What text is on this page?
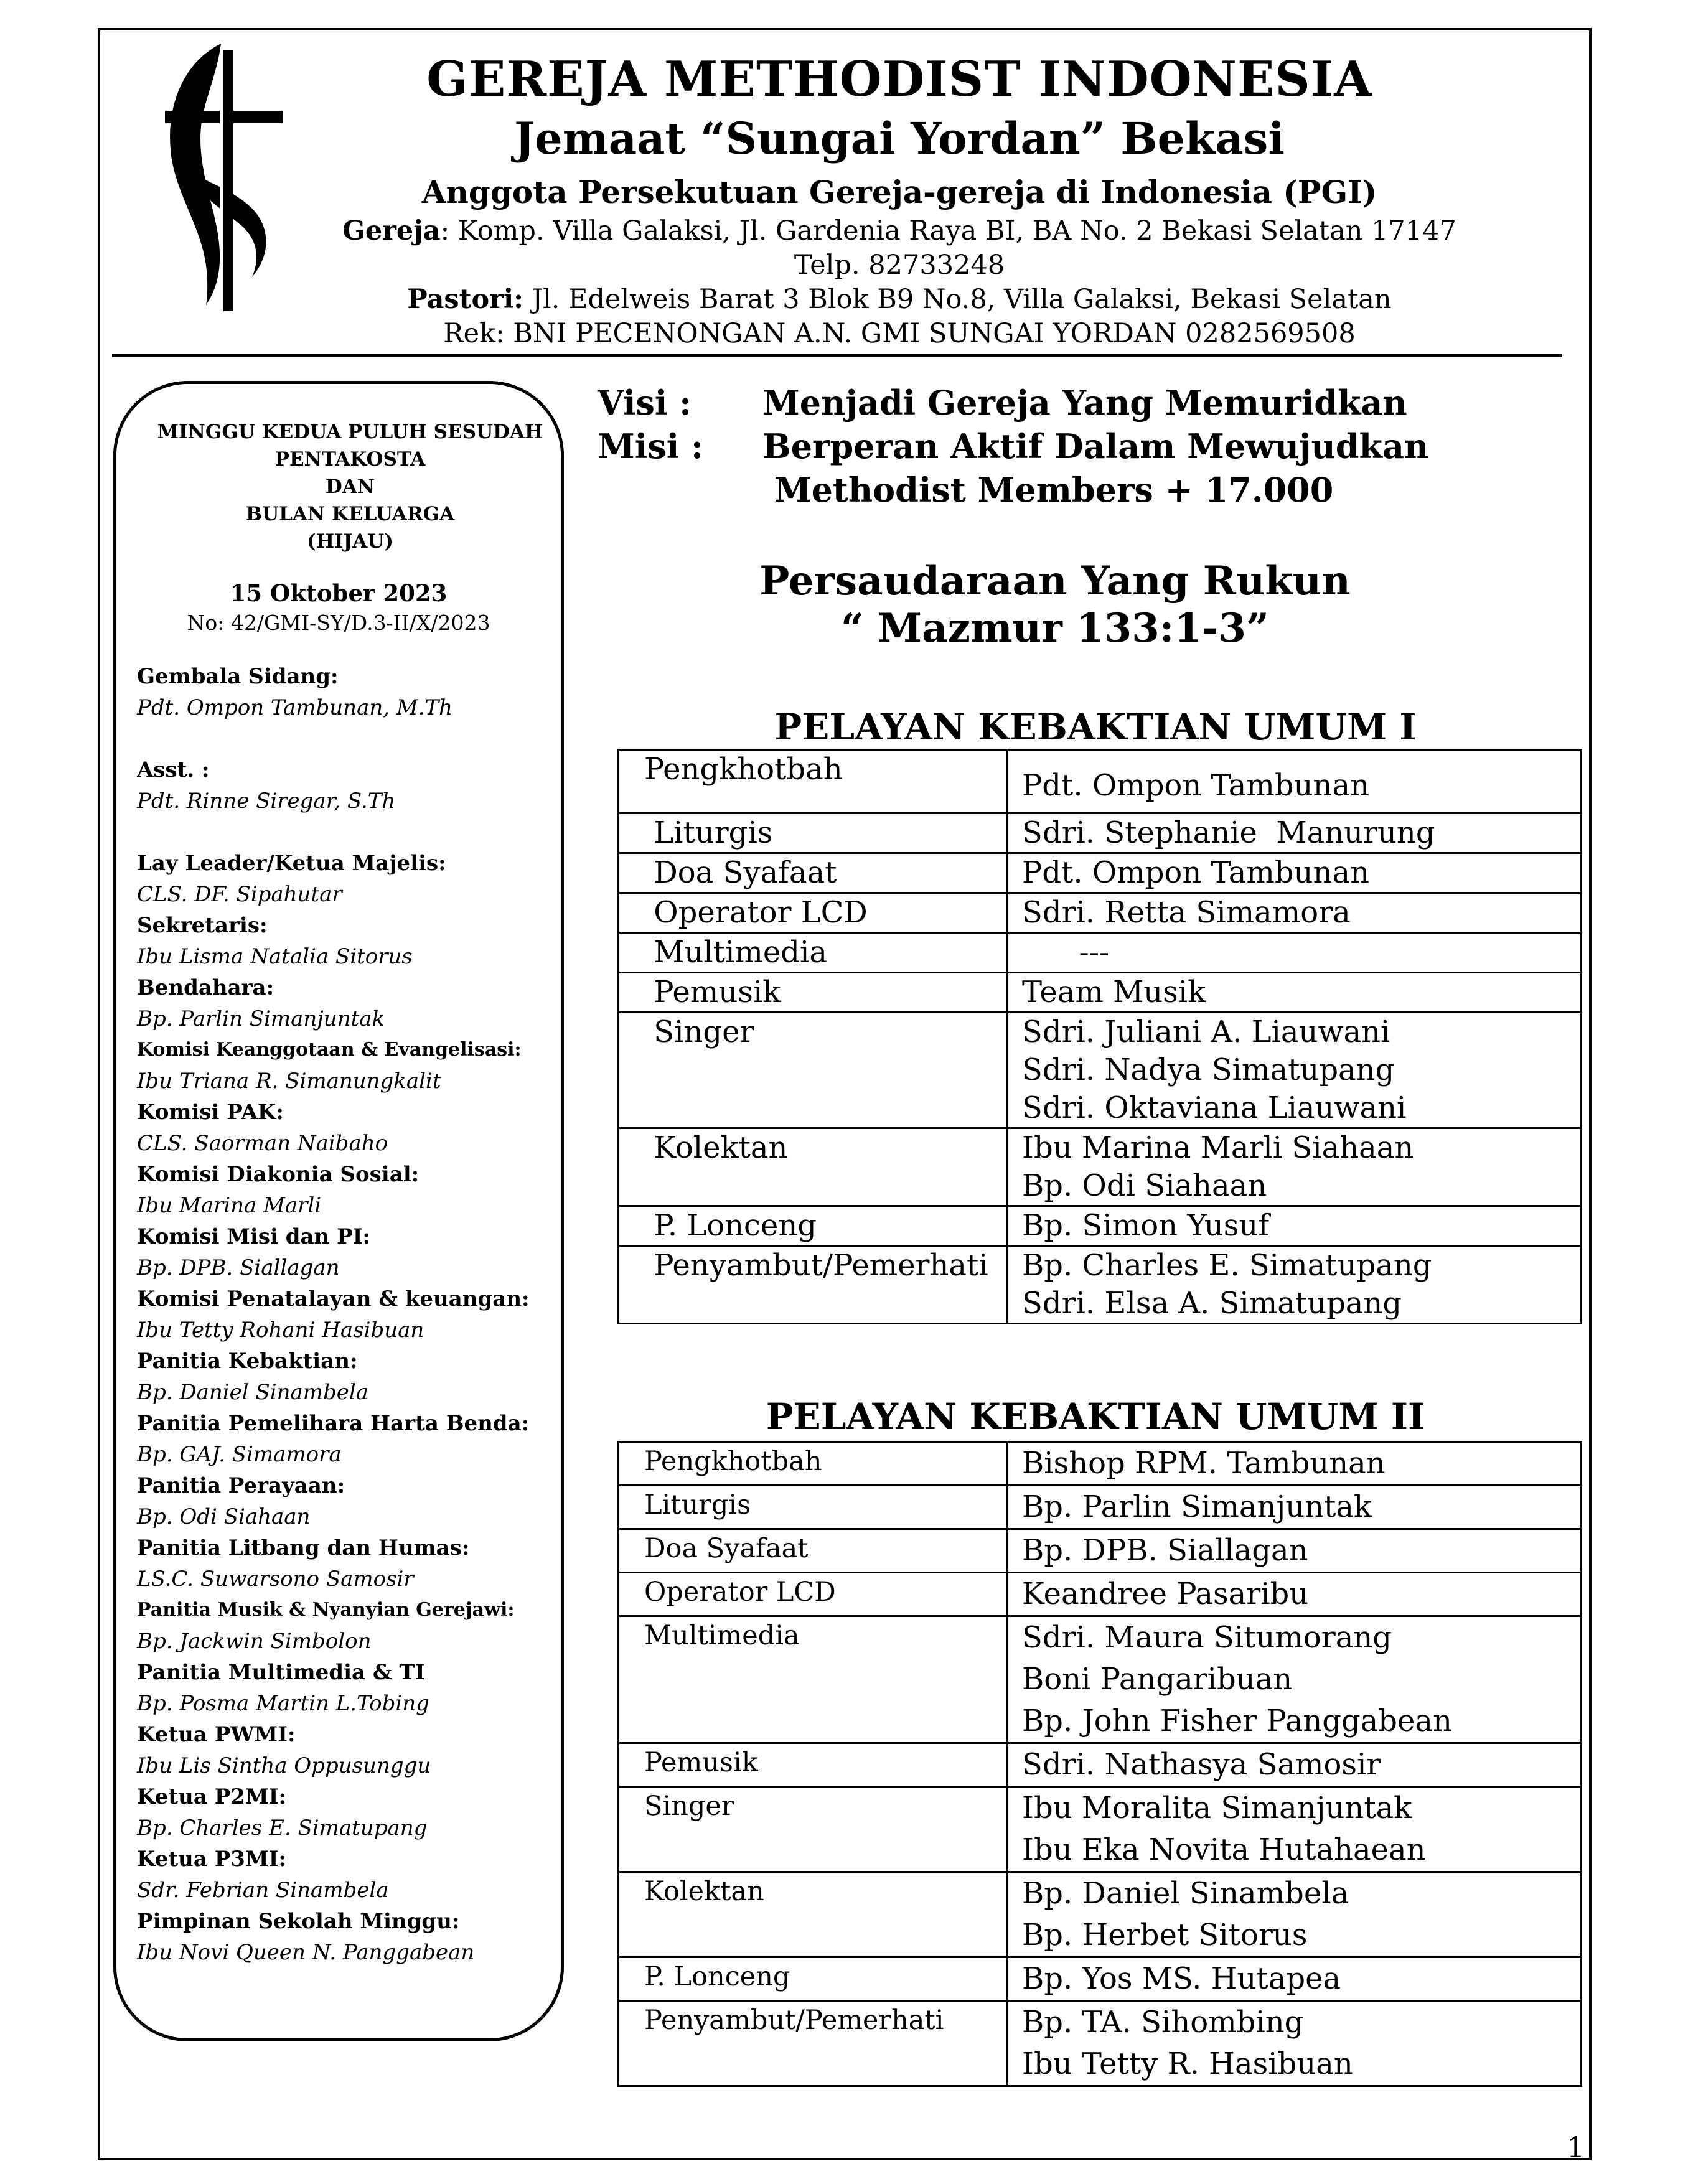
GEREJA METHODIST INDONESIA
Jemaat “Sungai Yordan” Bekasi
Anggota Persekutuan Gereja-gereja di Indonesia (PGI)
Gereja: Komp. Villa Galaksi, Jl. Gardenia Raya BI, BA No. 2 Bekasi Selatan 17147
Telp. 82733248
Pastori: Jl. Edelweis Barat 3 Blok B9 No.8, Villa Galaksi, Bekasi Selatan
Rek: BNI PECENONGAN A.N. GMI SUNGAI YORDAN 0282569508
MINGGU KEDUA PULUH SESUDAH
PENTAKOSTA
DAN
BULAN KELUARGA
(HIJAU)
15 Oktober 2023
No: 42/GMI-SY/D.3-II/X/2023
Gembala Sidang:
Pdt. Ompon Tambunan, M.Th
Asst. :
Pdt. Rinne Siregar, S.Th
Lay Leader/Ketua Majelis:
CLS. DF. Sipahutar
Sekretaris:
Ibu Lisma Natalia Sitorus
Bendahara:
Bp. Parlin Simanjuntak
Komisi Keanggotaan & Evangelisasi:
Ibu Triana R. Simanungkalit
Komisi PAK:
CLS. Saorman Naibaho
Komisi Diakonia Sosial:
Ibu Marina Marli
Komisi Misi dan PI:
Bp. DPB. Siallagan
Komisi Penatalayan & keuangan:
Ibu Tetty Rohani Hasibuan
Panitia Kebaktian:
Bp. Daniel Sinambela
Panitia Pemelihara Harta Benda:
Bp. GAJ. Simamora
Panitia Perayaan:
Bp. Odi Siahaan
Panitia Litbang dan Humas:
LS.C. Suwarsono Samosir
Panitia Musik & Nyanyian Gerejawi:
Bp. Jackwin Simbolon
Panitia Multimedia & TI
Bp. Posma Martin L.Tobing
Ketua PWMI:
Ibu Lis Sintha Oppusunggu
Ketua P2MI:
Bp. Charles E. Simatupang
Ketua P3MI:
Sdr. Febrian Sinambela
Pimpinan Sekolah Minggu:
Ibu Novi Queen N. Panggabean
Visi :	Menjadi Gereja Yang Memuridkan
Misi :	Berperan Aktif Dalam Mewujudkan
Methodist Members + 17.000
Persaudaraan Yang Rukun
“ Mazmur 133:1-3”
PELAYAN KEBAKTIAN UMUM I
Pengkhotbah	Pdt. Ompon Tambunan

Liturgis	Sdri. Stephanie  Manurung

Doa Syafaat	Pdt. Ompon Tambunan

Operator LCD	Sdri. Retta Simamora

Multimedia	---

Pemusik	Team Musik

Singer	Sdri. Juliani A. Liauwani
Sdri. Nadya Simatupang
Sdri. Oktaviana Liauwani

Kolektan	Ibu Marina Marli Siahaan
Bp. Odi Siahaan

P. Lonceng	Bp. Simon Yusuf

Penyambut/Pemerhati	Bp. Charles E. Simatupang
Sdri. Elsa A. Simatupang
PELAYAN KEBAKTIAN UMUM II
Pengkhotbah	Bishop RPM. Tambunan

Liturgis	Bp. Parlin Simanjuntak

Doa Syafaat	Bp. DPB. Siallagan

Operator LCD	Keandree Pasaribu

Multimedia	Sdri. Maura Situmorang
Boni Pangaribuan
Bp. John Fisher Panggabean

Pemusik	Sdri. Nathasya Samosir

Singer	Ibu Moralita Simanjuntak
Ibu Eka Novita Hutahaean

Kolektan	Bp. Daniel Sinambela
Bp. Herbet Sitorus

P. Lonceng	Bp. Yos MS. Hutapea

Penyambut/Pemerhati	Bp. TA. Sihombing
Ibu Tetty R. Hasibuan
1
